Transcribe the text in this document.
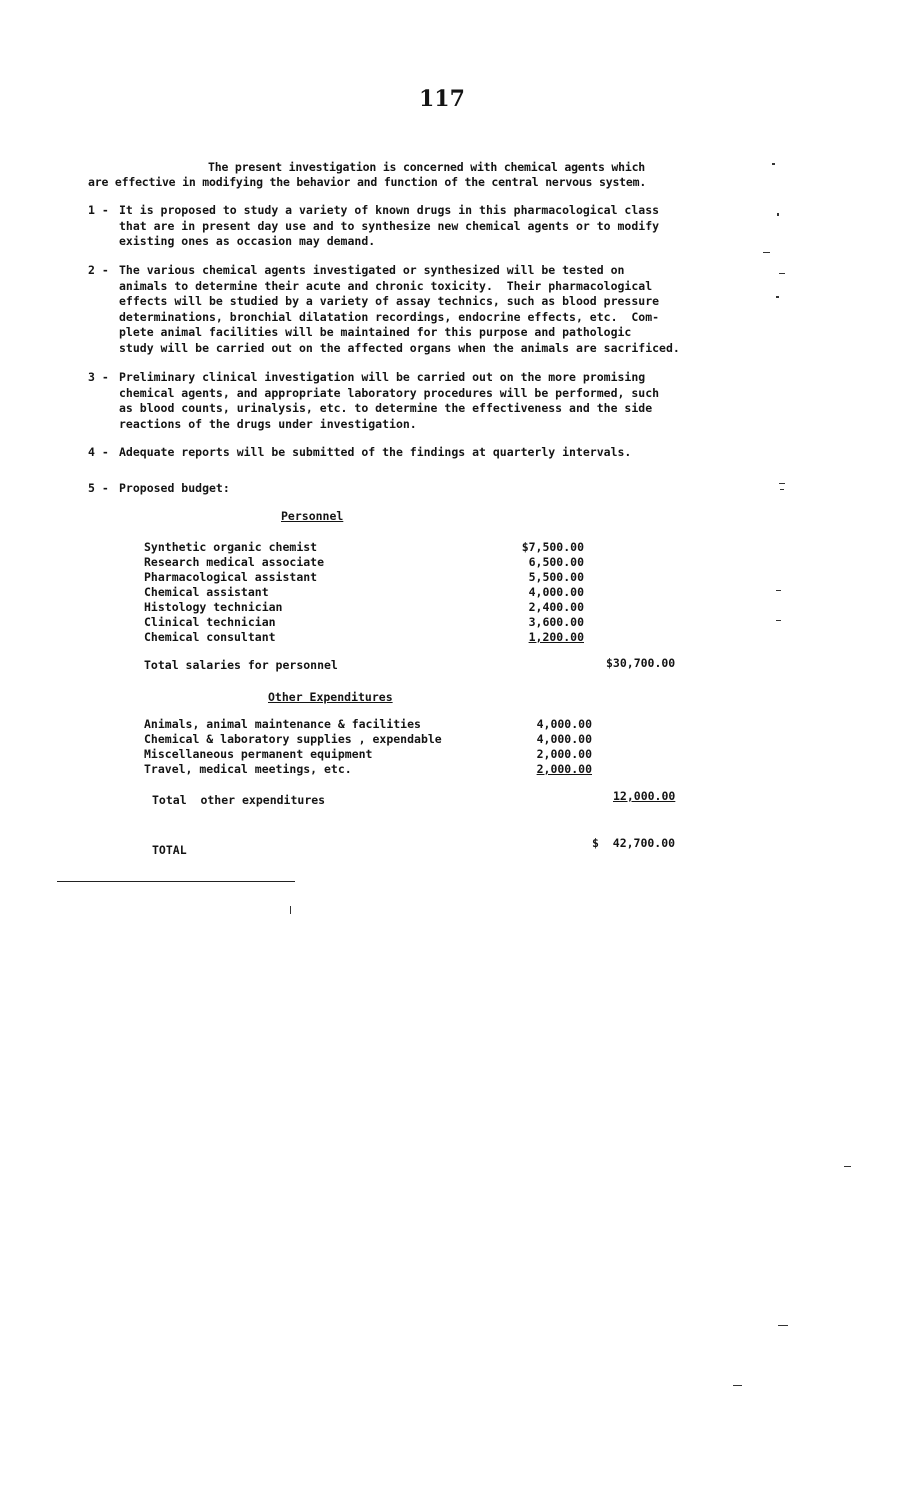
117
The present investigation is concerned with chemical agents which
are effective in modifying the behavior and function of the central nervous system.
1 - It is proposed to study a variety of known drugs in this pharmacological class
that are in present day use and to synthesize new chemical agents or to modify
existing ones as occasion may demand.
2 - The various chemical agents investigated or synthesized will be tested on
animals to determine their acute and chronic toxicity.  Their pharmacological
effects will be studied by a variety of assay technics, such as blood pressure
determinations, bronchial dilatation recordings, endocrine effects, etc.  Com-
plete animal facilities will be maintained for this purpose and pathologic
study will be carried out on the affected organs when the animals are sacrificed.
3 - Preliminary clinical investigation will be carried out on the more promising
chemical agents, and appropriate laboratory procedures will be performed, such
as blood counts, urinalysis, etc. to determine the effectiveness and the side
reactions of the drugs under investigation.
4 - Adequate reports will be submitted of the findings at quarterly intervals.
5 - Proposed budget:
Personnel
Synthetic organic chemist	$7,500.00
Research medical associate	6,500.00
Pharmacological assistant	5,500.00
Chemical assistant	4,000.00
Histology technician	2,400.00
Clinical technician	3,600.00
Chemical consultant	1,200.00
Total salaries for personnel	$30,700.00
Other Expenditures
Animals, animal maintenance & facilities	4,000.00
Chemical & laboratory supplies , expendable	4,000.00
Miscellaneous permanent equipment	2,000.00
Travel, medical meetings, etc.	2,000.00
Total  other expenditures	12,000.00
TOTAL	$  42,700.00
